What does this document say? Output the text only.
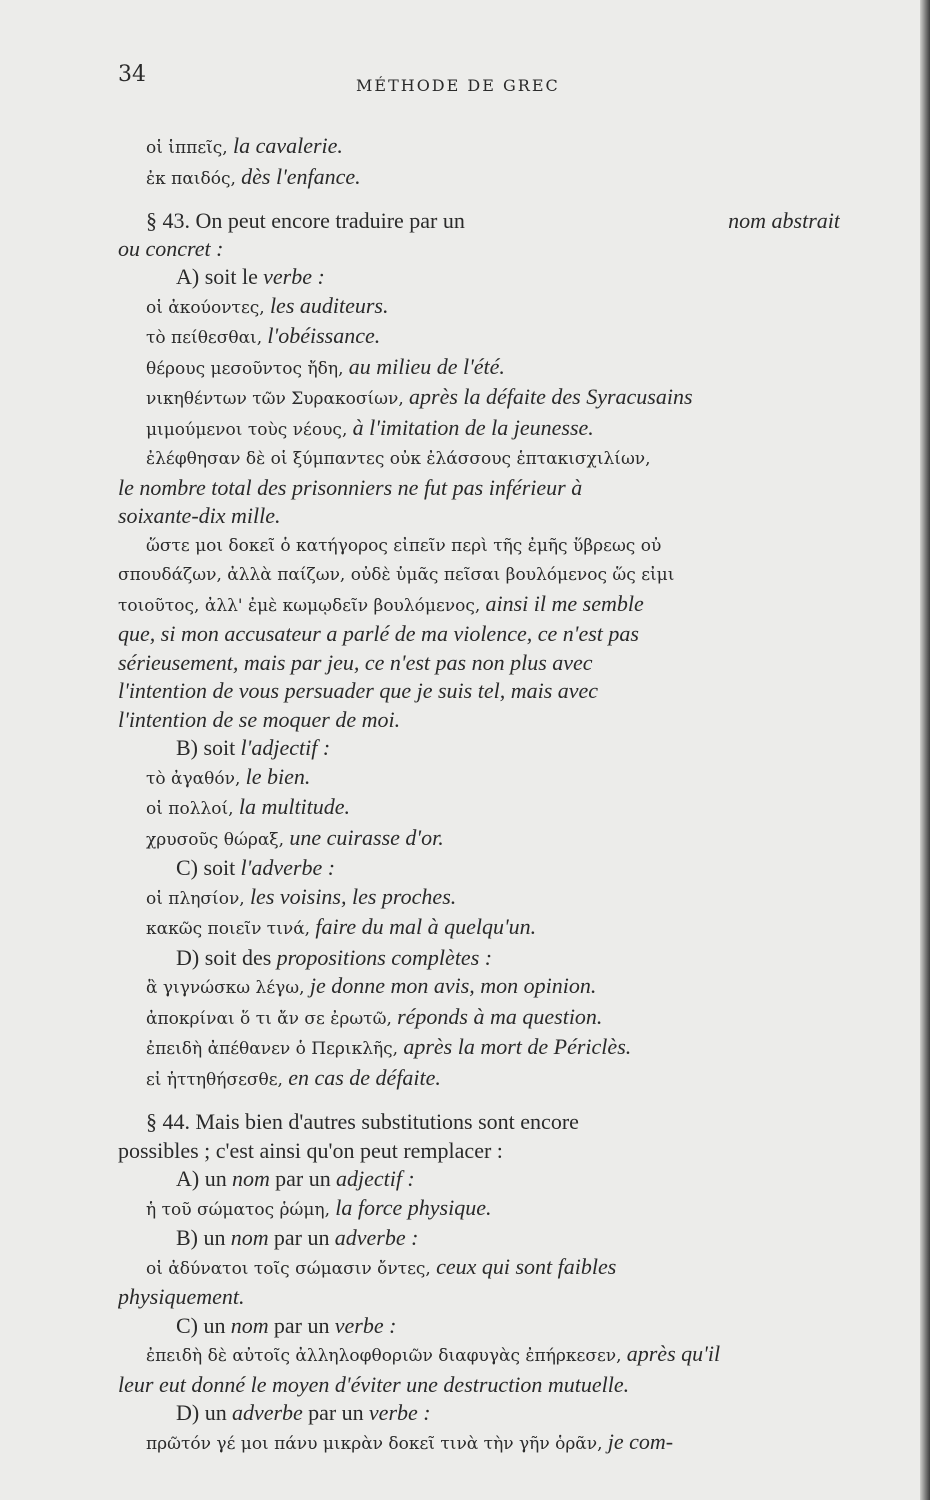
34	MÉTHODE DE GREC
οἱ ἱππεῖς, la cavalerie.
ἐκ παιδός, dès l'enfance.
§ 43. On peut encore traduire par un	nom abstrait
ou concret :
A) soit le verbe :
οἱ ἀκούοντες, les auditeurs.
τὸ πείθεσθαι, l'obéissance.
θέρους μεσοῦντος ἤδη, au milieu de l'été.
νικηθέντων τῶν Συρακοσίων, après la défaite des Syracusains
μιμούμενοι τοὺς νέους, à l'imitation de la jeunesse.
ἐλέφθησαν δὲ οἱ ξύμπαντες οὐκ ἐλάσσους ἑπτακισχιλίων,
le nombre total des prisonniers ne fut pas inférieur à
soixante-dix mille.
ὥστε μοι δοκεῖ ὁ κατήγορος εἰπεῖν περὶ τῆς ἐμῆς ὕβρεως οὐ
σπουδάζων, ἀλλὰ παίζων, οὐδὲ ὑμᾶς πεῖσαι βουλόμενος ὥς εἰμι
τοιοῦτος, ἀλλ' ἐμὲ κωμῳδεῖν βουλόμενος, ainsi il me semble
que, si mon accusateur a parlé de ma violence, ce n'est pas
sérieusement, mais par jeu, ce n'est pas non plus avec
l'intention de vous persuader que je suis tel, mais avec
l'intention de se moquer de moi.
B) soit l'adjectif :
τὸ ἀγαθόν, le bien.
οἱ πολλοί, la multitude.
χρυσοῦς θώραξ, une cuirasse d'or.
C) soit l'adverbe :
οἱ πλησίον, les voisins, les proches.
κακῶς ποιεῖν τινά, faire du mal à quelqu'un.
D) soit des propositions complètes :
ἃ γιγνώσκω λέγω, je donne mon avis, mon opinion.
ἀποκρίναι ὅ τι ἄν σε ἐρωτῶ, réponds à ma question.
ἐπειδὴ ἀπέθανεν ὁ Περικλῆς, après la mort de Périclès.
εἰ ἡττηθήσεσθε, en cas de défaite.
§ 44. Mais bien d'autres substitutions sont encore
possibles ; c'est ainsi qu'on peut remplacer :
A) un nom par un adjectif :
ἡ τοῦ σώματος ῥώμη, la force physique.
B) un nom par un adverbe :
οἱ ἀδύνατοι τοῖς σώμασιν ὄντες, ceux qui sont faibles
physiquement.
C) un nom par un verbe :
ἐπειδὴ δὲ αὐτοῖς ἀλληλοφθοριῶν διαφυγὰς ἐπήρκεσεν, après qu'il
leur eut donné le moyen d'éviter une destruction mutuelle.
D) un adverbe par un verbe :
πρῶτόν γέ μοι πάνυ μικρὰν δοκεῖ τινὰ τὴν γῆν ὁρᾶν, je com-
